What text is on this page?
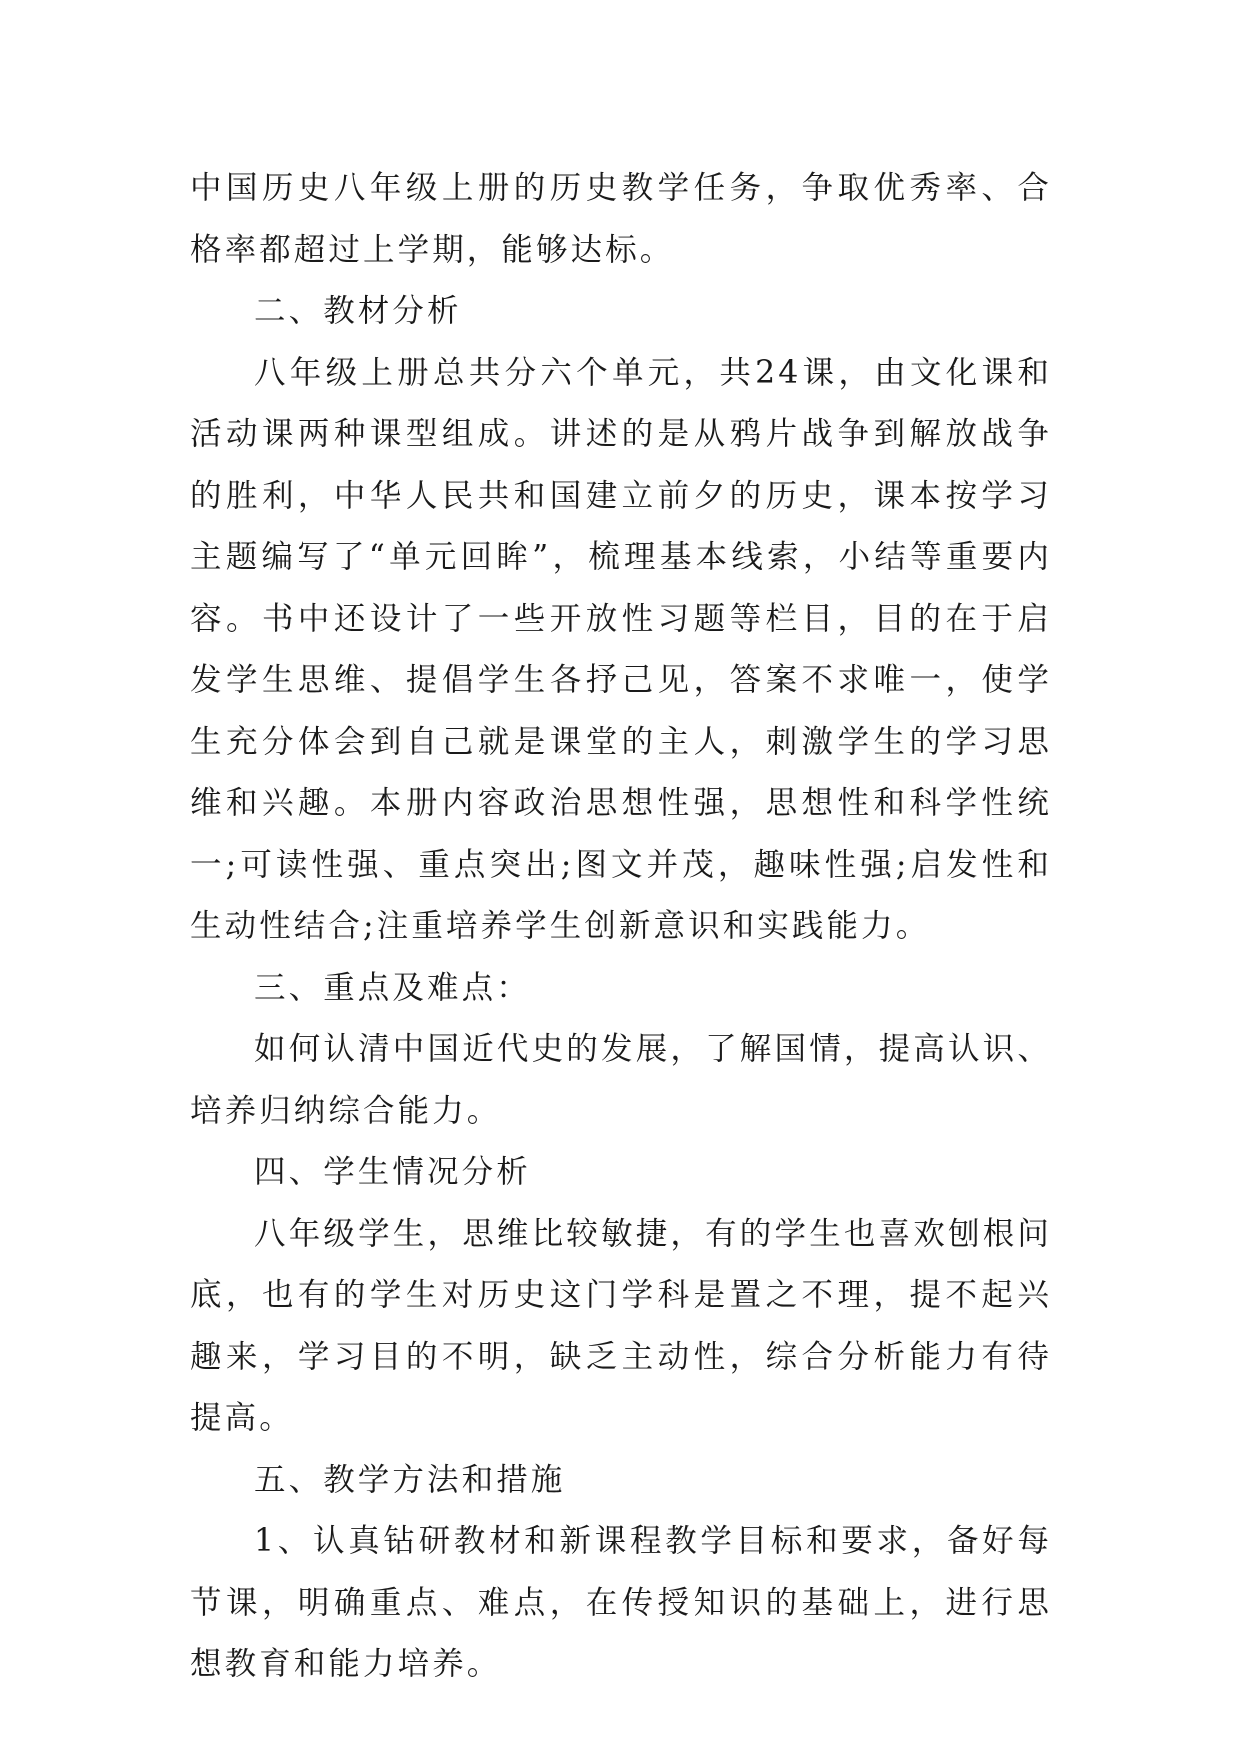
中国历史八年级上册的历史教学任务，争取优秀率、合格率都超过上学期，能够达标。

二、教材分析

八年级上册总共分六个单元，共24课，由文化课和活动课两种课型组成。讲述的是从鸦片战争到解放战争的胜利，中华人民共和国建立前夕的历史，课本按学习主题编写了“单元回眸”，梳理基本线索，小结等重要内容。书中还设计了一些开放性习题等栏目，目的在于启发学生思维、提倡学生各抒己见，答案不求唯一，使学生充分体会到自己就是课堂的主人，刺激学生的学习思维和兴趣。本册内容政治思想性强，思想性和科学性统一;可读性强、重点突出;图文并茂，趣味性强;启发性和生动性结合;注重培养学生创新意识和实践能力。

三、重点及难点：

如何认清中国近代史的发展，了解国情，提高认识、培养归纳综合能力。

四、学生情况分析

八年级学生，思维比较敏捷，有的学生也喜欢刨根问底，也有的学生对历史这门学科是置之不理，提不起兴趣来，学习目的不明，缺乏主动性，综合分析能力有待提高。

五、教学方法和措施

1、认真钻研教材和新课程教学目标和要求，备好每节课，明确重点、难点，在传授知识的基础上，进行思想教育和能力培养。
